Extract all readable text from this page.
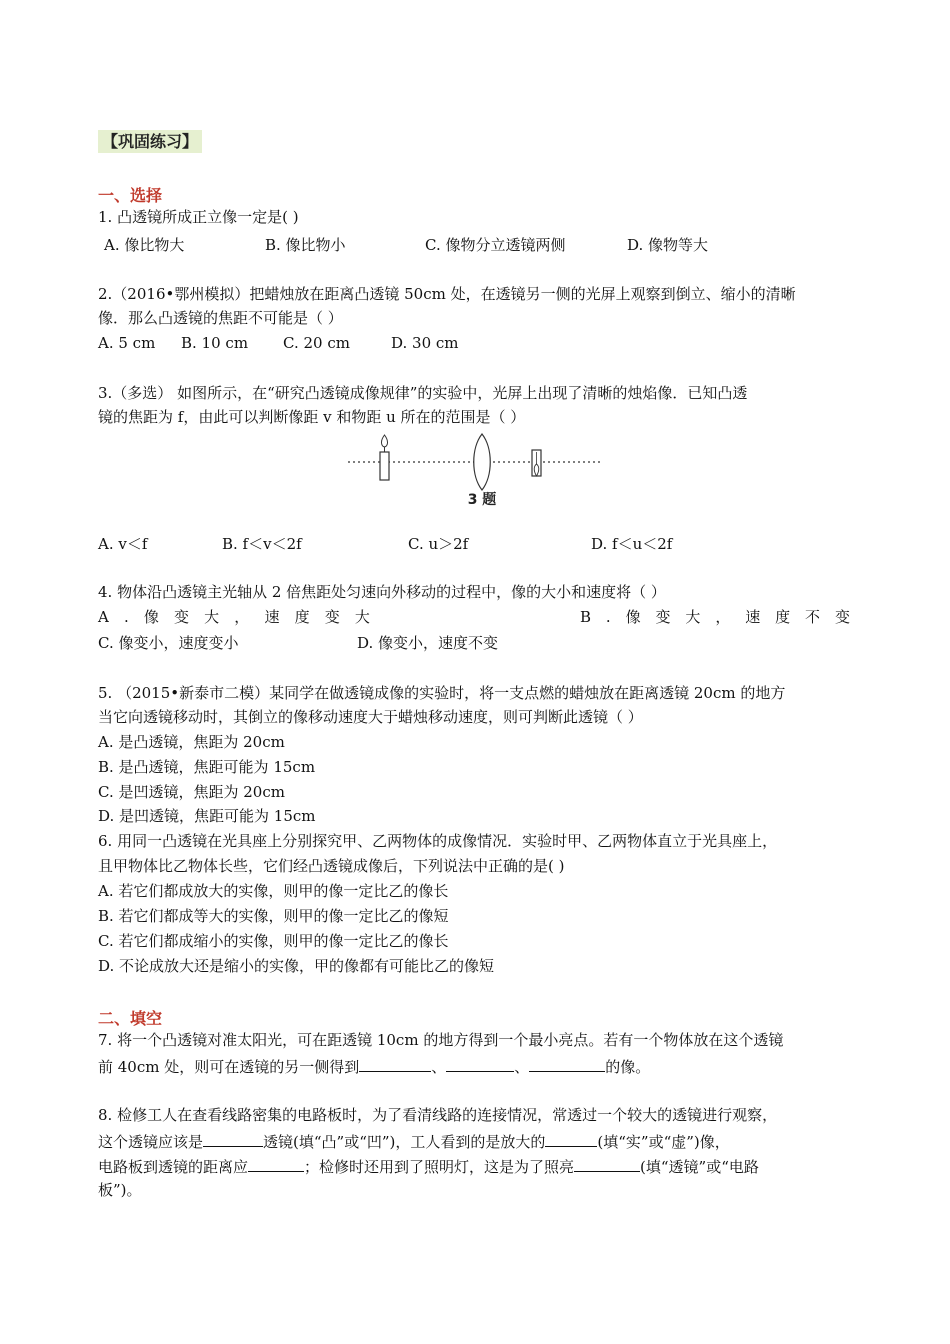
【巩固练习】
一、选择
1. 凸透镜所成正立像一定是( )
A. 像比物大	B. 像比物小	C. 像物分立透镜两侧	D. 像物等大
2.（2016•鄂州模拟）把蜡烛放在距离凸透镜 50cm 处，在透镜另一侧的光屏上观察到倒立、缩小的清晰
像．那么凸透镜的焦距不可能是（ ）
A. 5 cm B. 10 cm C. 20 cm	D. 30 cm
3.（多选） 如图所示，在“研究凸透镜成像规律”的实验中，光屏上出现了清晰的烛焰像．已知凸透
镜的焦距为 f，由此可以判断像距 v 和物距 u 所在的范围是（ ）
3 题
A. v＜f	B. f＜v＜2f	C. u＞2f	D. f＜u＜2f
4. 物体沿凸透镜主光轴从 2 倍焦距处匀速向外移动的过程中，像的大小和速度将（ ）
A . 像 变 大 ， 速 度 变 大	B . 像 变 大 ， 速 度 不 变
C. 像变小，速度变小	D. 像变小，速度不变
5. （2015•新泰市二模）某同学在做透镜成像的实验时，将一支点燃的蜡烛放在距离透镜 20cm 的地方
当它向透镜移动时，其倒立的像移动速度大于蜡烛移动速度，则可判断此透镜（ ）
A. 是凸透镜，焦距为 20cm
B. 是凸透镜，焦距可能为 15cm
C. 是凹透镜，焦距为 20cm
D. 是凹透镜，焦距可能为 15cm
6. 用同一凸透镜在光具座上分别探究甲、乙两物体的成像情况．实验时甲、乙两物体直立于光具座上，
且甲物体比乙物体长些，它们经凸透镜成像后，下列说法中正确的是( )
A. 若它们都成放大的实像，则甲的像一定比乙的像长
B. 若它们都成等大的实像，则甲的像一定比乙的像短
C. 若它们都成缩小的实像，则甲的像一定比乙的像长
D. 不论成放大还是缩小的实像，甲的像都有可能比乙的像短
二、填空
7. 将一个凸透镜对准太阳光，可在距透镜 10cm 的地方得到一个最小亮点。若有一个物体放在这个透镜
前 40cm 处，则可在透镜的另一侧得到	、	、	的像。
8. 检修工人在查看线路密集的电路板时，为了看清线路的连接情况，常透过一个较大的透镜进行观察，
这个透镜应该是	透镜(填“凸”或“凹”)，工人看到的是放大的	(填“实”或“虚”)像，
电路板到透镜的距离应	；检修时还用到了照明灯，这是为了照亮	(填“透镜”或“电路
板”)。
